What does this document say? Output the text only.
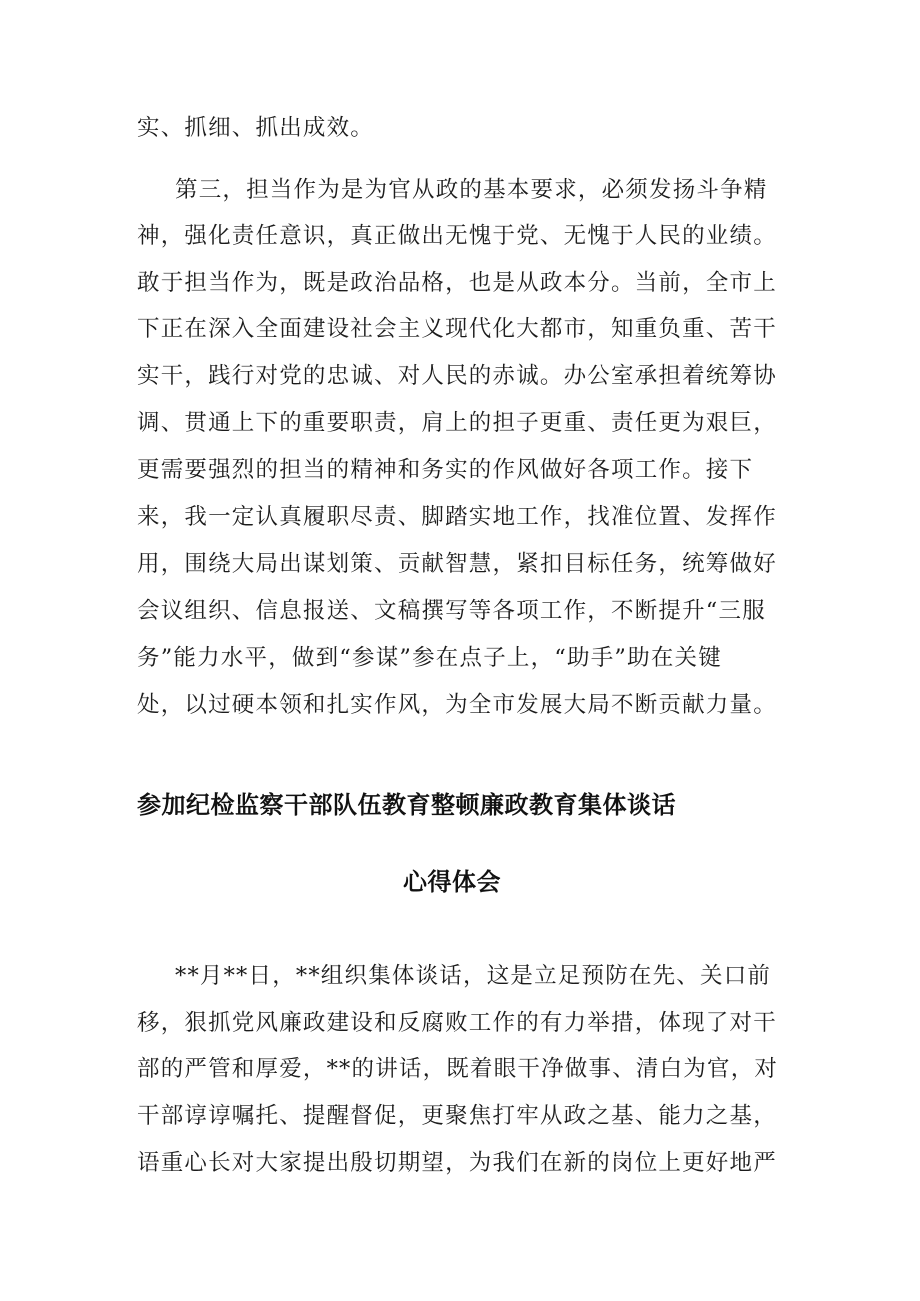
实、抓细、抓出成效。
第三，担当作为是为官从政的基本要求，必须发扬斗争精
神，强化责任意识，真正做出无愧于党、无愧于人民的业绩。
敢于担当作为，既是政治品格，也是从政本分。当前，全市上
下正在深入全面建设社会主义现代化大都市，知重负重、苦干
实干，践行对党的忠诚、对人民的赤诚。办公室承担着统筹协
调、贯通上下的重要职责，肩上的担子更重、责任更为艰巨，
更需要强烈的担当的精神和务实的作风做好各项工作。接下
来，我一定认真履职尽责、脚踏实地工作，找准位置、发挥作
用，围绕大局出谋划策、贡献智慧，紧扣目标任务，统筹做好
会议组织、信息报送、文稿撰写等各项工作，不断提升“三服
务”能力水平，做到“参谋”参在点子上，“助手”助在关键
处，以过硬本领和扎实作风，为全市发展大局不断贡献力量。
参加纪检监察干部队伍教育整顿廉政教育集体谈话
心得体会
**月**日，**组织集体谈话，这是立足预防在先、关口前
移，狠抓党风廉政建设和反腐败工作的有力举措，体现了对干
部的严管和厚爱，**的讲话，既着眼干净做事、清白为官，对
干部谆谆嘱托、提醒督促，更聚焦打牢从政之基、能力之基，
语重心长对大家提出殷切期望，为我们在新的岗位上更好地严
